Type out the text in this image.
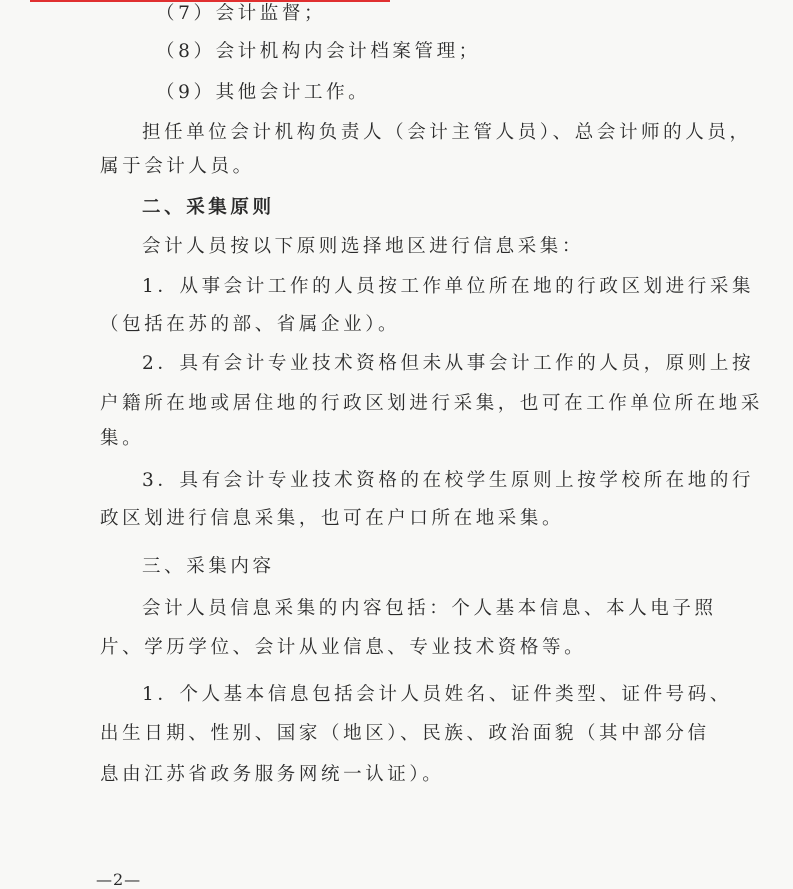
（7）会计监督；
（8）会计机构内会计档案管理；
（9）其他会计工作。
担任单位会计机构负责人（会计主管人员）、总会计师的人员，
属于会计人员。
二、采集原则
会计人员按以下原则选择地区进行信息采集：
1．从事会计工作的人员按工作单位所在地的行政区划进行采集
（包括在苏的部、省属企业）。
2．具有会计专业技术资格但未从事会计工作的人员，原则上按
户籍所在地或居住地的行政区划进行采集，也可在工作单位所在地采
集。
3．具有会计专业技术资格的在校学生原则上按学校所在地的行
政区划进行信息采集，也可在户口所在地采集。
三、采集内容
会计人员信息采集的内容包括：个人基本信息、本人电子照
片、学历学位、会计从业信息、专业技术资格等。
1．个人基本信息包括会计人员姓名、证件类型、证件号码、
出生日期、性别、国家（地区）、民族、政治面貌（其中部分信
息由江苏省政务服务网统一认证）。
—2—
